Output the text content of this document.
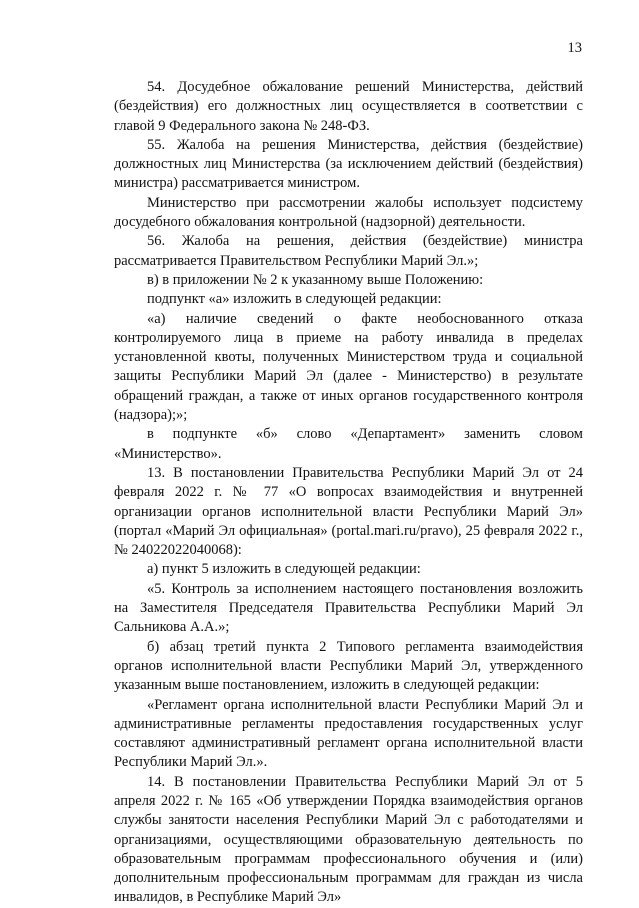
13

54. Досудебное обжалование решений Министерства, действий (бездействия) его должностных лиц осуществляется в соответствии с главой 9 Федерального закона № 248-ФЗ.

55. Жалоба на решения Министерства, действия (бездействие) должностных лиц Министерства (за исключением действий (бездействия) министра) рассматривается министром.

Министерство при рассмотрении жалобы использует подсистему досудебного обжалования контрольной (надзорной) деятельности.

56. Жалоба на решения, действия (бездействие) министра рассматривается Правительством Республики Марий Эл.»;

в) в приложении № 2 к указанному выше Положению:

подпункт «а» изложить в следующей редакции:

«а) наличие сведений о факте необоснованного отказа контролируемого лица в приеме на работу инвалида в пределах установленной квоты, полученных Министерством труда и социальной защиты Республики Марий Эл (далее - Министерство) в результате обращений граждан, а также от иных органов государственного контроля (надзора);»;

в подпункте «б» слово «Департамент» заменить словом «Министерство».

13. В постановлении Правительства Республики Марий Эл от 24 февраля 2022 г. № 77 «О вопросах взаимодействия и внутренней организации органов исполнительной власти Республики Марий Эл» (портал «Марий Эл официальная» (portal.mari.ru/pravo), 25 февраля 2022 г., № 24022022040068):

а) пункт 5 изложить в следующей редакции:

«5. Контроль за исполнением настоящего постановления возложить на Заместителя Председателя Правительства Республики Марий Эл Сальникова А.А.»;

б) абзац третий пункта 2 Типового регламента взаимодействия органов исполнительной власти Республики Марий Эл, утвержденного указанным выше постановлением, изложить в следующей редакции:

«Регламент органа исполнительной власти Республики Марий Эл и административные регламенты предоставления государственных услуг составляют административный регламент органа исполнительной власти Республики Марий Эл.».

14. В постановлении Правительства Республики Марий Эл от 5 апреля 2022 г. № 165 «Об утверждении Порядка взаимодействия органов службы занятости населения Республики Марий Эл с работодателями и организациями, осуществляющими образовательную деятельность по образовательным программам профессионального обучения и (или) дополнительным профессиональным программам для граждан из числа инвалидов, в Республике Марий Эл»
